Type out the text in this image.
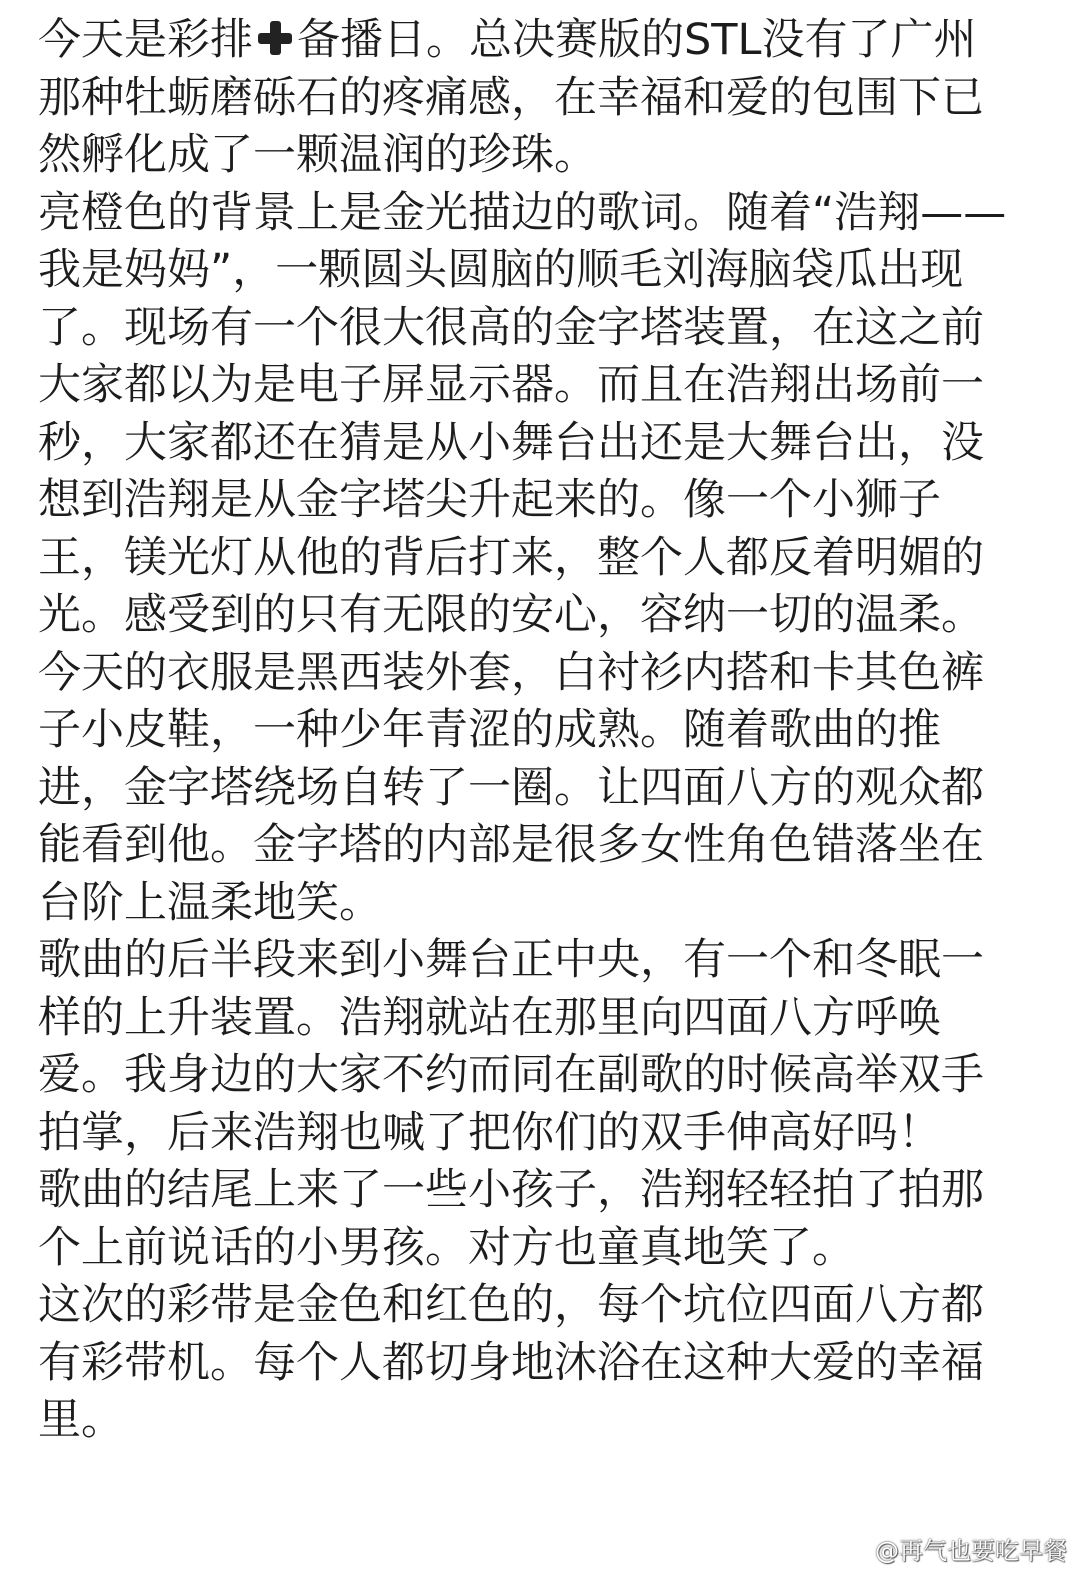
今天是彩排 备播日。总决赛版的STL没有了广州
那种牡蛎磨砾石的疼痛感，在幸福和爱的包围下已
然孵化成了一颗温润的珍珠。
亮橙色的背景上是金光描边的歌词。随着“浩翔——
我是妈妈”，一颗圆头圆脑的顺毛刘海脑袋瓜出现
了。现场有一个很大很高的金字塔装置，在这之前
大家都以为是电子屏显示器。而且在浩翔出场前一
秒，大家都还在猜是从小舞台出还是大舞台出，没
想到浩翔是从金字塔尖升起来的。像一个小狮子
王，镁光灯从他的背后打来，整个人都反着明媚的
光。感受到的只有无限的安心，容纳一切的温柔。
今天的衣服是黑西装外套，白衬衫内搭和卡其色裤
子小皮鞋，一种少年青涩的成熟。随着歌曲的推
进，金字塔绕场自转了一圈。让四面八方的观众都
能看到他。金字塔的内部是很多女性角色错落坐在
台阶上温柔地笑。
歌曲的后半段来到小舞台正中央，有一个和冬眠一
样的上升装置。浩翔就站在那里向四面八方呼唤
爱。我身边的大家不约而同在副歌的时候高举双手
拍掌，后来浩翔也喊了把你们的双手伸高好吗！
歌曲的结尾上来了一些小孩子，浩翔轻轻拍了拍那
个上前说话的小男孩。对方也童真地笑了。
这次的彩带是金色和红色的，每个坑位四面八方都
有彩带机。每个人都切身地沐浴在这种大爱的幸福
里。
@再气也要吃早餐
